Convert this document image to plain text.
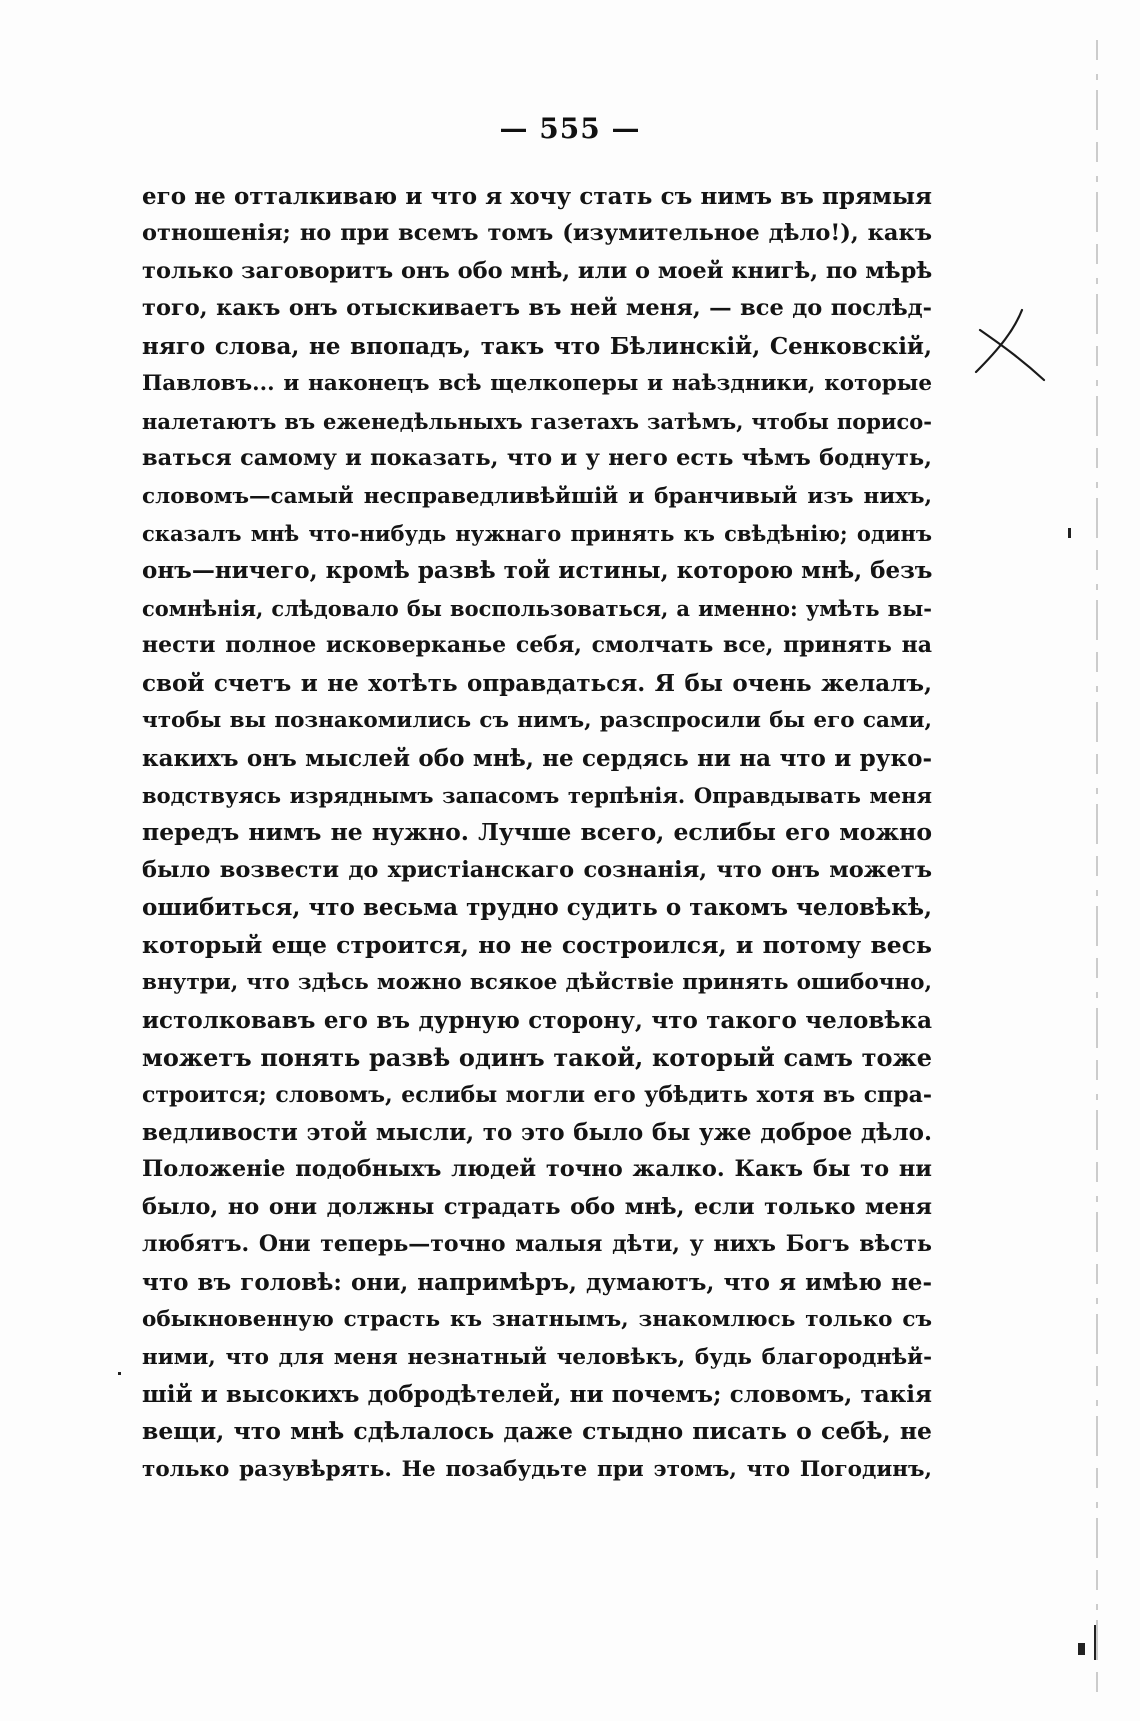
— 555 —
его не отталкиваю и что я хочу стать съ нимъ въ прямыя
отношенія; но при всемъ томъ (изумительное дѣло!), какъ
только заговоритъ онъ обо мнѣ, или о моей книгѣ, по мѣрѣ
того, какъ онъ отыскиваетъ въ ней меня, — все до послѣд-
няго слова, не впопадъ, такъ что Бѣлинскій, Сенковскій,
Павловъ... и наконецъ всѣ щелкоперы и наѣздники, которые
налетаютъ въ еженедѣльныхъ газетахъ затѣмъ, чтобы порисо-
ваться самому и показать, что и у него есть чѣмъ боднуть,
словомъ—самый несправедливѣйшій и бранчивый изъ нихъ,
сказалъ мнѣ что-нибудь нужнаго принять къ свѣдѣнію; одинъ
онъ—ничего, кромѣ развѣ той истины, которою мнѣ, безъ
сомнѣнія, слѣдовало бы воспользоваться, а именно: умѣть вы-
нести полное исковерканье себя, смолчать все, принять на
свой счетъ и не хотѣть оправдаться. Я бы очень желалъ,
чтобы вы познакомились съ нимъ, разспросили бы его сами,
какихъ онъ мыслей обо мнѣ, не сердясь ни на что и руко-
водствуясь изряднымъ запасомъ терпѣнія. Оправдывать меня
передъ нимъ не нужно. Лучше всего, еслибы его можно
было возвести до христіанскаго сознанія, что онъ можетъ
ошибиться, что весьма трудно судить о такомъ человѣкѣ,
который еще строится, но не состроился, и потому весь
внутри, что здѣсь можно всякое дѣйствіе принять ошибочно,
истолковавъ его въ дурную сторону, что такого человѣка
можетъ понять развѣ одинъ такой, который самъ тоже
строится; словомъ, еслибы могли его убѣдить хотя въ спра-
ведливости этой мысли, то это было бы уже доброе дѣло.
Положеніе подобныхъ людей точно жалко. Какъ бы то ни
было, но они должны страдать обо мнѣ, если только меня
любятъ. Они теперь—точно малыя дѣти, у нихъ Богъ вѣсть
что въ головѣ: они, напримѣръ, думаютъ, что я имѣю не-
обыкновенную страсть къ знатнымъ, знакомлюсь только съ
ними, что для меня незнатный человѣкъ, будь благороднѣй-
шій и высокихъ добродѣтелей, ни почемъ; словомъ, такія
вещи, что мнѣ сдѣлалось даже стыдно писать о себѣ, не
только разувѣрять. Не позабудьте при этомъ, что Погодинъ,
